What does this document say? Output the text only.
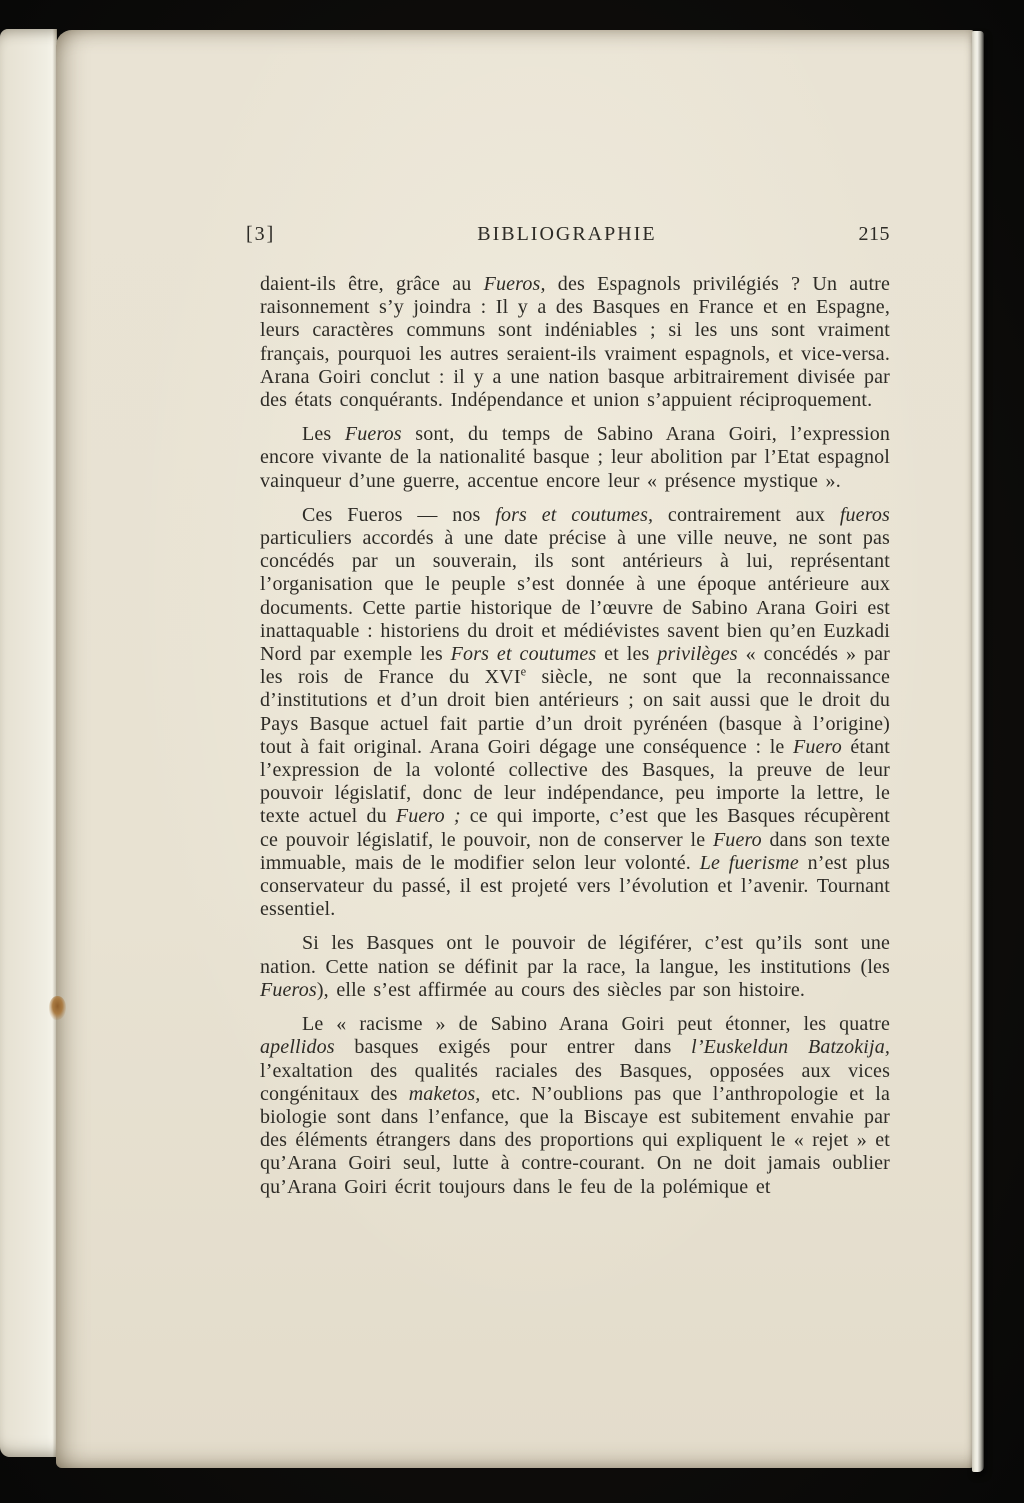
[3]	BIBLIOGRAPHIE	215

daient-ils être, grâce au Fueros, des Espagnols privilégiés ? Un autre raisonnement s’y joindra : Il y a des Basques en France et en Espagne, leurs caractères communs sont indéniables ; si les uns sont vraiment français, pourquoi les autres seraient-ils vraiment espagnols, et vice-versa. Arana Goiri conclut : il y a une nation basque arbitrairement divisée par des états conquérants. Indépendance et union s’appuient réciproquement.

Les Fueros sont, du temps de Sabino Arana Goiri, l’expression encore vivante de la nationalité basque ; leur abolition par l’Etat espagnol vainqueur d’une guerre, accentue encore leur « présence mystique ».

Ces Fueros — nos fors et coutumes, contrairement aux fueros particuliers accordés à une date précise à une ville neuve, ne sont pas concédés par un souverain, ils sont antérieurs à lui, représentant l’organisation que le peuple s’est donnée à une époque antérieure aux documents. Cette partie historique de l’œuvre de Sabino Arana Goiri est inattaquable : historiens du droit et médiévistes savent bien qu’en Euzkadi Nord par exemple les Fors et coutumes et les privilèges « concédés » par les rois de France du XVIe siècle, ne sont que la reconnaissance d’institutions et d’un droit bien antérieurs ; on sait aussi que le droit du Pays Basque actuel fait partie d’un droit pyrénéen (basque à l’origine) tout à fait original. Arana Goiri dégage une conséquence : le Fuero étant l’expression de la volonté collective des Basques, la preuve de leur pouvoir législatif, donc de leur indépendance, peu importe la lettre, le texte actuel du Fuero ; ce qui importe, c’est que les Basques récupèrent ce pouvoir législatif, le pouvoir, non de conserver le Fuero dans son texte immuable, mais de le modifier selon leur volonté. Le fuerisme n’est plus conservateur du passé, il est projeté vers l’évolution et l’avenir. Tournant essentiel.

Si les Basques ont le pouvoir de légiférer, c’est qu’ils sont une nation. Cette nation se définit par la race, la langue, les institutions (les Fueros), elle s’est affirmée au cours des siècles par son histoire.

Le « racisme » de Sabino Arana Goiri peut étonner, les quatre apellidos basques exigés pour entrer dans l’Euskeldun Batzokija, l’exaltation des qualités raciales des Basques, opposées aux vices congénitaux des maketos, etc. N’oublions pas que l’anthropologie et la biologie sont dans l’enfance, que la Biscaye est subitement envahie par des éléments étrangers dans des proportions qui expliquent le « rejet » et qu’Arana Goiri seul, lutte à contre-courant. On ne doit jamais oublier qu’Arana Goiri écrit toujours dans le feu de la polémique et
